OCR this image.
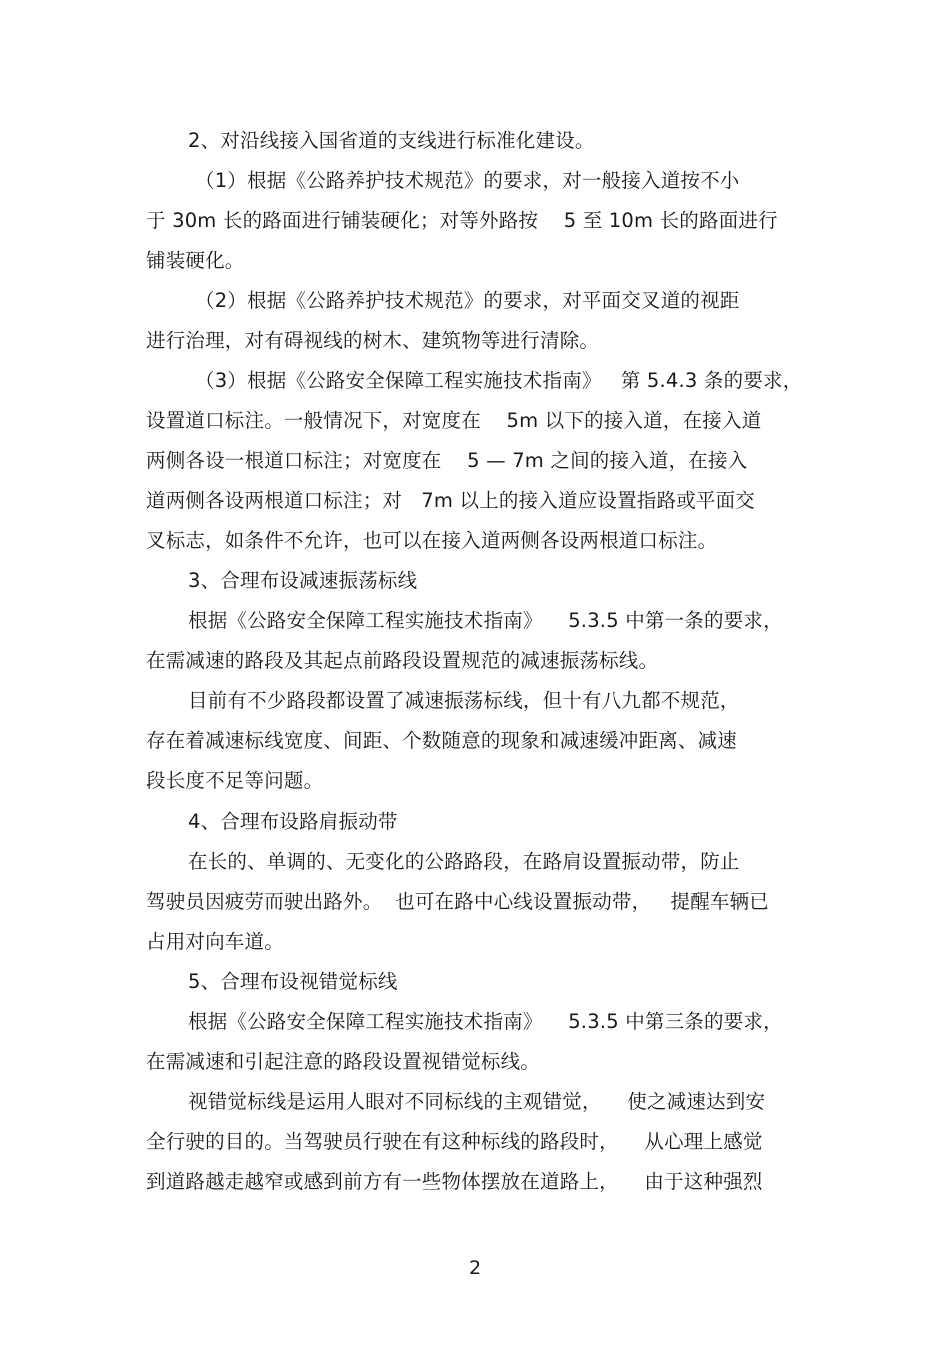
2、对沿线接入国省道的支线进行标准化建设。
（1）根据《公路养护技术规范》的要求，对一般接入道按不小
于 30m 长的路面进行铺装硬化；对等外路按    5 至 10m 长的路面进行
铺装硬化。
（2）根据《公路养护技术规范》的要求，对平面交叉道的视距
进行治理，对有碍视线的树木、建筑物等进行清除。
（3）根据《公路安全保障工程实施技术指南》   第 5.4.3 条的要求，
设置道口标注。一般情况下，对宽度在    5m 以下的接入道，在接入道
两侧各设一根道口标注；对宽度在    5 — 7m 之间的接入道，在接入
道两侧各设两根道口标注；对   7m 以上的接入道应设置指路或平面交
叉标志，如条件不允许，也可以在接入道两侧各设两根道口标注。
3、合理布设减速振荡标线
根据《公路安全保障工程实施技术指南》    5.3.5 中第一条的要求，
在需减速的路段及其起点前路段设置规范的减速振荡标线。
目前有不少路段都设置了减速振荡标线，但十有八九都不规范，
存在着减速标线宽度、间距、个数随意的现象和减速缓冲距离、减速
段长度不足等问题。
4、合理布设路肩振动带
在长的、单调的、无变化的公路路段，在路肩设置振动带，防止
驾驶员因疲劳而驶出路外。  也可在路中心线设置振动带，   提醒车辆已
占用对向车道。
5、合理布设视错觉标线
根据《公路安全保障工程实施技术指南》    5.3.5 中第三条的要求，
在需减速和引起注意的路段设置视错觉标线。
视错觉标线是运用人眼对不同标线的主观错觉，    使之减速达到安
全行驶的目的。当驾驶员行驶在有这种标线的路段时，    从心理上感觉
到道路越走越窄或感到前方有一些物体摆放在道路上，    由于这种强烈
2
